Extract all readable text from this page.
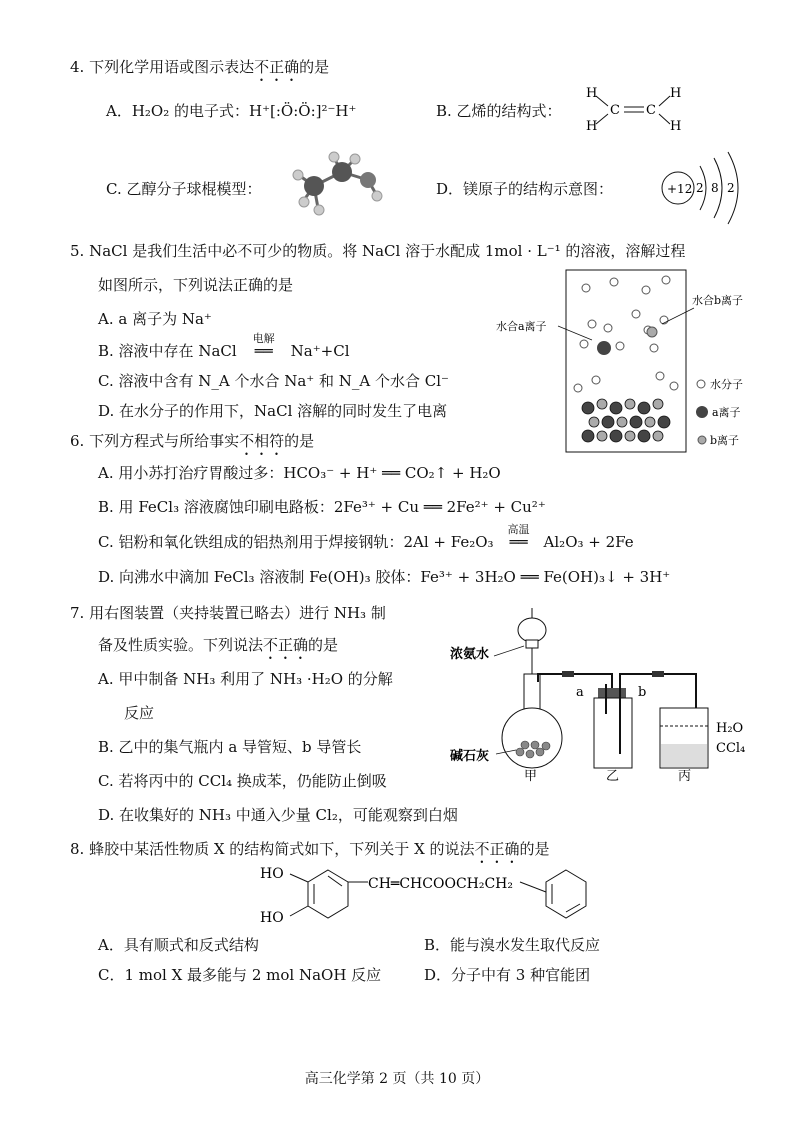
4. 下列化学用语或图示表达不正确的是
A．H₂O₂ 的电子式：H⁺[:Ö:Ö:]²⁻H⁺	B. 乙烯的结构式：
H
H
C C
H
H
C. 乙醇分子球棍模型：	D．镁原子的结构示意图：	+12 2 8 2
5. NaCl 是我们生活中必不可少的物质。将 NaCl 溶于水配成 1mol · L⁻¹ 的溶液，溶解过程
如图所示，下列说法正确的是
A. a 离子为 Na⁺
B. 溶液中存在 NaCl
电解
══ Na⁺+Cl
C. 溶液中含有 N_A 个水合 Na⁺ 和 N_A 个水合 Cl⁻
D. 在水分子的作用下，NaCl 溶解的同时发生了电离
水合a离子
水合b离子
水分子
a离子
b离子
6. 下列方程式与所给事实不相符的是
A. 用小苏打治疗胃酸过多：HCO₃⁻ + H⁺ ══ CO₂↑ + H₂O
B. 用 FeCl₃ 溶液腐蚀印刷电路板：2Fe³⁺ + Cu ══ 2Fe²⁺ + Cu²⁺
C. 铝粉和氧化铁组成的铝热剂用于焊接钢轨：2Al + Fe₂O₃
高温
══ Al₂O₃ + 2Fe
D. 向沸水中滴加 FeCl₃ 溶液制 Fe(OH)₃ 胶体：Fe³⁺ + 3H₂O ══ Fe(OH)₃↓ + 3H⁺
7. 用右图装置（夹持装置已略去）进行 NH₃ 制
备及性质实验。下列说法不正确的是
A. 甲中制备 NH₃ 利用了 NH₃ ·H₂O 的分解
反应
B. 乙中的集气瓶内 a 导管短、b 导管长
C. 若将丙中的 CCl₄ 换成苯，仍能防止倒吸
D. 在收集好的 NH₃ 中通入少量 Cl₂，可能观察到白烟
浓氨水
碱石灰
a	b
H₂O
CCl₄
甲	乙	丙
8. 蜂胶中某活性物质 X 的结构简式如下，下列关于 X 的说法不正确的是
HO
HO
CH═CHCOOCH₂CH₂
A．具有顺式和反式结构	B．能与溴水发生取代反应
C．1 mol X 最多能与 2 mol NaOH 反应	D．分子中有 3 种官能团
高三化学第 2 页（共 10 页）
